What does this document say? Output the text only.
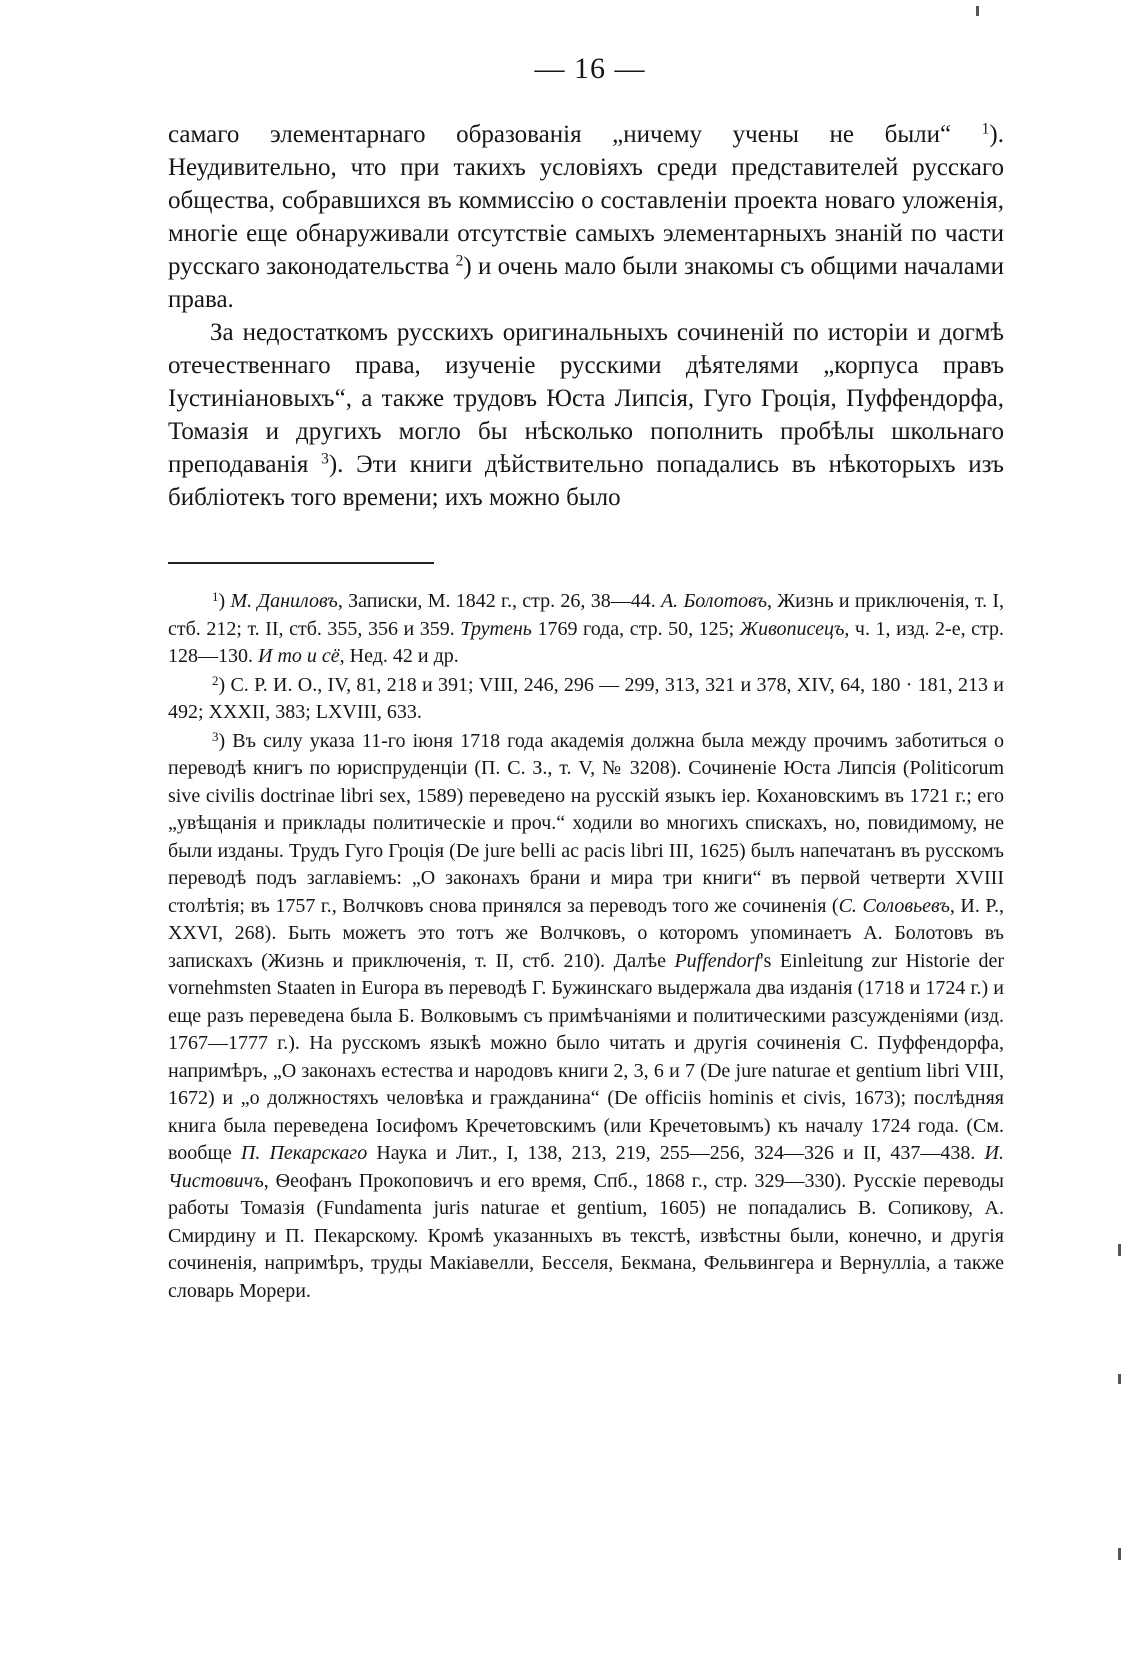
— 16 —

самаго элементарнаго образованія „ничему учены не были“ $^1$). Неудивительно, что при такихъ условіяхъ среди представителей русскаго общества, собравшихся въ коммиссію о составленіи проекта новаго уложенія, многіе еще обнаруживали отсутствіе самыхъ элементарныхъ знаній по части русскаго законодательства $^2$) и очень мало были знакомы съ общими началами права.

За недостаткомъ русскихъ оригинальныхъ сочиненій по исторіи и догмѣ отечественнаго права, изученіе русскими дѣятелями „корпуса правъ Іустиніановыхъ“, а также трудовъ Юста Липсія, Гуго Гроція, Пуффендорфа, Томазія и другихъ могло бы нѣсколько пополнить пробѣлы школьнаго преподаванія $^3$). Эти книги дѣйствительно попадались въ нѣкоторыхъ изъ библіотекъ того времени; ихъ можно было

$^1$) М. Даниловъ, Записки, М. 1842 г., стр. 26, 38—44. А. Болотовъ, Жизнь и приключенія, т. I, стб. 212; т. II, стб. 355, 356 и 359. Трутень 1769 года, стр. 50, 125; Живописецъ, ч. 1, изд. 2-е, стр. 128—130. И то и сё, Нед. 42 и др.

$^2$) С. Р. И. О., IV, 81, 218 и 391; VIII, 246, 296 — 299, 313, 321 и 378, XIV, 64, 180 · 181, 213 и 492; XXXII, 383; LXVIII, 633.

$^3$) Въ силу указа 11-го іюня 1718 года академія должна была между прочимъ заботиться о переводѣ книгъ по юриспруденціи (П. С. З., т. V, № 3208). Сочиненіе Юста Липсія (Politicorum sive civilis doctrinae libri sex, 1589) переведено на русскій языкъ іер. Кохановскимъ въ 1721 г.; его „увѣщанія и приклады политическіе и проч.“ ходили во многихъ спискахъ, но, повидимому, не были изданы. Трудъ Гуго Гроція (De jure belli ac pacis libri III, 1625) былъ напечатанъ въ русскомъ переводѣ подъ заглавіемъ: „О законахъ брани и мира три книги“ въ первой четверти XVIII столѣтія; въ 1757 г., Волчковъ снова принялся за переводъ того же сочиненія (С. Соловьевъ, И. Р., XXVI, 268). Быть можетъ это тотъ же Волчковъ, о которомъ упоминаетъ А. Болотовъ въ запискахъ (Жизнь и приключенія, т. II, стб. 210). Далѣе Puffendorf's Einleitung zur Historie der vornehmsten Staaten in Europa въ переводѣ Г. Бужинскаго выдержала два изданія (1718 и 1724 г.) и еще разъ переведена была Б. Волковымъ съ примѣчаніями и политическими разсужденіями (изд. 1767—1777 г.). На русскомъ языкѣ можно было читать и другія сочиненія С. Пуффендорфа, напримѣръ, „О законахъ естества и народовъ книги 2, 3, 6 и 7 (De jure naturae et gentium libri VIII, 1672) и „о должностяхъ человѣка и гражданина“ (De officiis hominis et civis, 1673); послѣдняя книга была переведена Іосифомъ Кречетовскимъ (или Кречетовымъ) къ началу 1724 года. (См. вообще П. Пекарскаго Наука и Лит., I, 138, 213, 219, 255—256, 324—326 и II, 437—438. И. Чистовичъ, Ѳеофанъ Прокоповичъ и его время, Спб., 1868 г., стр. 329—330). Русскіе переводы работы Томазія (Fundamenta juris naturae et gentium, 1605) не попадались В. Сопикову, А. Смирдину и П. Пекарскому. Кромѣ указанныхъ въ текстѣ, извѣстны были, конечно, и другія сочиненія, напримѣръ, труды Макіавелли, Бесселя, Бекмана, Фельвингера и Вернулліа, а также словарь Морери.
